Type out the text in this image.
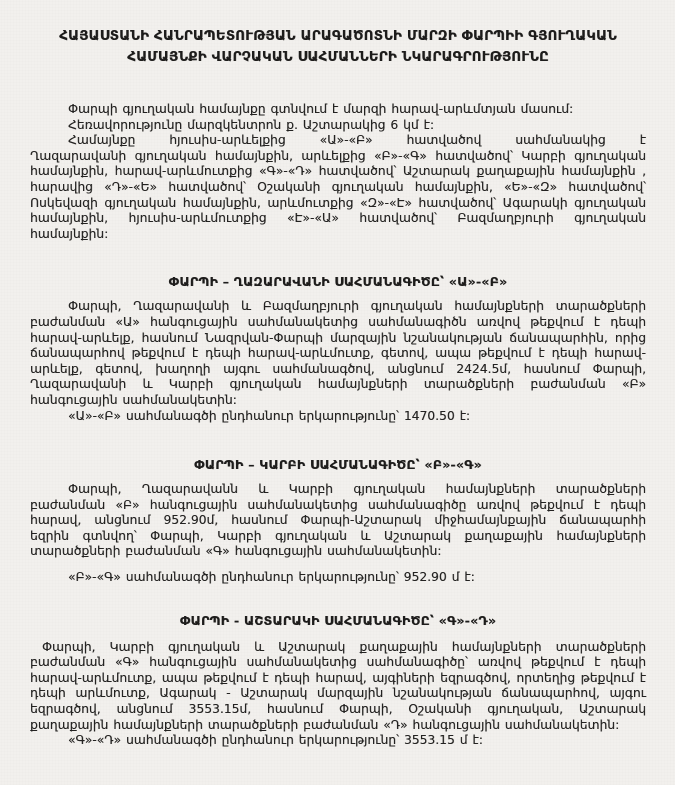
ՀԱՅԱՍՏԱՆԻ ՀԱՆՐԱՊԵՏՈՒԹՅԱՆ ԱՐԱԳԱԾՈՏՆԻ ՄԱՐԶԻ ՓԱՐՊԻԻ ԳՅՈՒՂԱԿԱՆ
ՀԱՄԱՅՆՔԻ ՎԱՐՉԱԿԱՆ ՍԱՀՄԱՆՆԵՐԻ ՆԿԱՐԱԳՐՈՒԹՅՈՒՆԸ
Փարպի գյուղական համայնքը գտնվում է մարզի հարավ-արևմտյան մասում:
Հեռավորությունը մարզկենտրոն ք. Աշտարակից 6 կմ է:
Համայնքը հյուսիս-արևելքից «Ա»-«Բ» հատվածով սահմանակից է
Ղազարավանի գյուղական համայնքին, արևելքից «Բ»-«Գ» հատվածով՝ Կարբի գյուղական
համայնքին, հարավ-արևմուտքից «Գ»-«Դ» հատվածով՝ Աշտարակ քաղաքային համայնքին ,
հարավից «Դ»-«Ե» հատվածով՝ Օշականի գյուղական համայնքին, «Ե»-«Զ» հատվածով՝
Ոսկեվազի գյուղական համայնքին, արևմուտքից «Զ»-«Է» հատվածով՝ Ագարակի գյուղական
համայնքին, հյուսիս-արևմուտքից «Է»-«Ա» հատվածով՝ Բազմաղբյուրի գյուղական
համայնքին:
ՓԱՐՊԻ – ՂԱԶԱՐԱՎԱՆԻ ՍԱՀՄԱՆԱԳԻԾԸ՝ «Ա»-«Բ»
Փարպի, Ղազարավանի և Բազմաղբյուրի գյուղական համայնքների տարածքների
բաժանման «Ա» հանգուցային սահմանակետից սահմանագիծն առվով թեքվում է դեպի
հարավ-արևելք, հասնում Նազրվան-Փարպի մարզային նշանակության ճանապարհին, որից
ճանապարհով թեքվում է դեպի հարավ-արևմուտք, գետով, ապա թեքվում է դեպի հարավ-
արևելք, գետով, խաղողի այգու սահմանագծով, անցնում 2424.5մ, հասնում Փարպի,
Ղազարավանի և Կարբի գյուղական համայնքների տարածքների բաժանման «Բ»
հանգուցային սահմանակետին:
«Ա»-«Բ» սահմանագծի ընդհանուր երկարությունը՝ 1470.50 է:
ՓԱՐՊԻ – ԿԱՐԲԻ ՍԱՀՄԱՆԱԳԻԾԸ՝ «Բ»-«Գ»
Փարպի, Ղազարավանն և Կարբի գյուղական համայնքների տարածքների
բաժանման «Բ» հանգուցային սահմանակետից սահմանագիծը առվով թեքվում է դեպի
հարավ, անցնում 952.90մ, հասնում Փարպի-Աշտարակ միջհամայնքային ճանապարհի
եզրին գտնվող՝ Փարպի, Կարբի գյուղական և Աշտարակ քաղաքային համայնքների
տարածքների բաժանման «Գ» հանգուցային սահմանակետին:
«Բ»-«Գ» սահմանագծի ընդհանուր երկարությունը՝ 952.90 մ է:
ՓԱՐՊԻ - ԱՇՏԱՐԱԿԻ ՍԱՀՄԱՆԱԳԻԾԸ՝ «Գ»-«Դ»
Փարպի, Կարբի գյուղական և Աշտարակ քաղաքային համայնքների տարածքների
բաժանման «Գ» հանգուցային սահմանակետից սահմանագիծը՝ առվով թեքվում է դեպի
հարավ-արևմուտք, ապա թեքվում է դեպի հարավ, այգիների եզրագծով, որտեղից թեքվում է
դեպի արևմուտք, Ագարակ - Աշտարակ մարզային նշանակության ճանապարհով, այգու
եզրագծով, անցնում 3553.15մ, հասնում Փարպի, Օշականի գյուղական, Աշտարակ
քաղաքային համայնքների տարածքների բաժանման «Դ» հանգուցային սահմանակետին:
«Գ»-«Դ» սահմանագծի ընդհանուր երկարությունը՝ 3553.15 մ է:
